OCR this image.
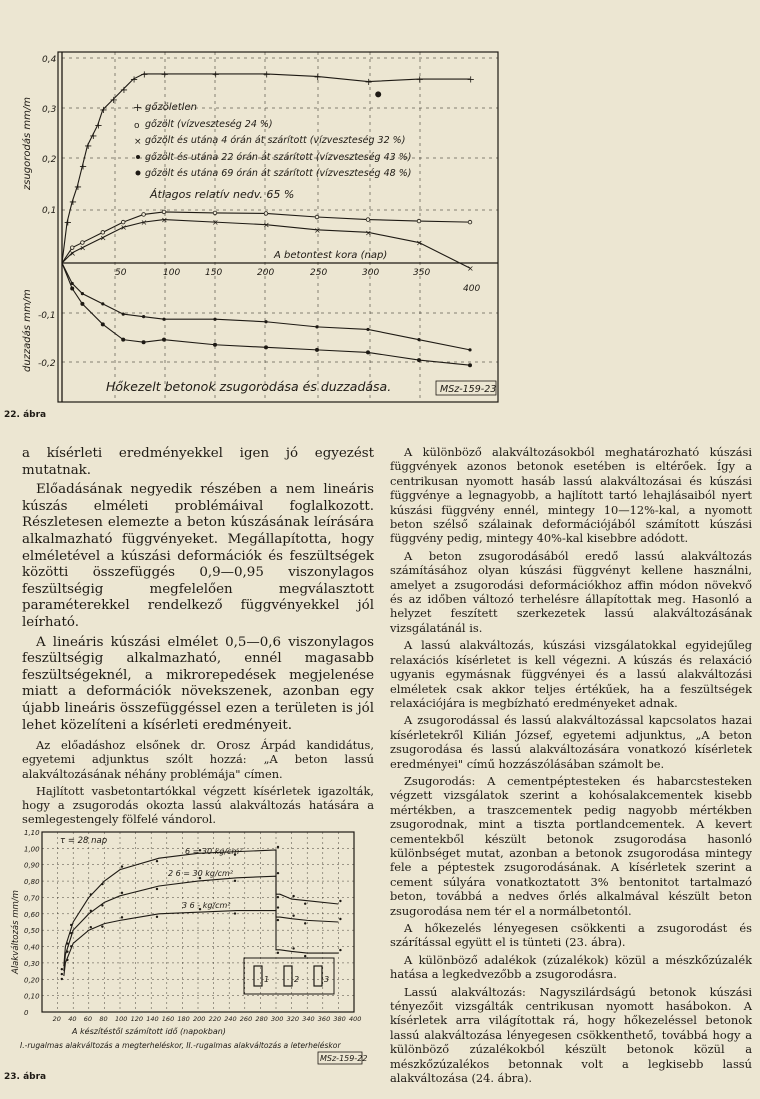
0,4
0,3
0,2
0,1
-0,1
-0,2
zsugorodás mm/m
duzzadás mm/m
50	100	150	200	250	300	350
400
A betontest kora (nap)
+
+
+
+
+
+
+
+
+
+
+ + +	+	+	+	+	+	+
×
×
×
×
× ×	×	×
×	×
×
×
+ gőzöletlen
o gőzölt (vízveszteség 24 %)
× gőzölt és utána 4 órán át szárított (vízveszteség 32 %)
gőzölt és utána 22 órán át szárított (vízveszteség 43 %)
gőzölt és utána 69 órán át szárított (vízveszteség 48 %)
Átlagos relatív nedv. 65 %
Hőkezelt betonok zsugorodása és duzzadása.	MSz-159-23
22. ábra

a kísérleti eredményekkel igen jó egyezést mutatnak.

Előadásának negyedik részében a nem lineáris kúszás elméleti problémáival foglalkozott. Részletesen elemezte a beton kúszásának leírására alkalmazható függvényeket. Megállapította, hogy elméletével a kúszási deformációk és feszültségek közötti összefüggés 0,9—0,95 viszonylagos feszültségig megfelelően megválasztott paraméterekkel rendelkező függvényekkel jól leírható.

A lineáris kúszási elmélet 0,5—0,6 viszonylagos feszültségig alkalmazható, ennél magasabb feszültségeknél, a mikrorepedések megjelenése miatt a deformációk növekszenek, azonban egy újabb lineáris összefüggéssel ezen a területen is jól lehet közelíteni a kísérleti eredményeit.

Az előadáshoz elsőnek dr. Orosz Árpád kandidátus, egyetemi adjunktus szólt hozzá: „A beton lassú alakváltozásának néhány problémája" címen.

Hajlított vasbetontartókkal végzett kísérletek igazolták, hogy a zsugorodás okozta lassú alakváltozás hatására a semlegestengely fölfelé vándorol.

0
0,10
0,20
0,30
0,40
0,50
0,60
0,70
0,80
0,90
1,00
1,10
20 40 60 80 100 120 140 160 180 200 220 240 260 280 300 320 340 360 380 400
Alakváltozás mm/m
A készítéstől számított idő (napokban)
τ = 28 nap
6 = 30 kg/cm²
2 6 = 30 kg/cm²
3 6 - kg/cm²
1	2	3
I.-rugalmas alakváltozás a megterheléskor, II.-rugalmas alakváltozás a leterheléskor
MSz-159-22
23. ábra

A különböző alakváltozásokból meghatározható kúszási függvények azonos betonok esetében is eltérőek. Így a centrikusan nyomott hasáb lassú alakváltozásai és kúszási függvénye a legnagyobb, a hajlított tartó lehajlásaiból nyert kúszási függvény ennél, mintegy 10—12%-kal, a nyomott beton szélső szálainak deformációjából számított kúszási függvény pedig, mintegy 40%-kal kisebbre adódott.

A beton zsugorodásából eredő lassú alakváltozás számításához olyan kúszási függvényt kellene használni, amelyet a zsugorodási deformációkhoz affin módon növekvő és az időben változó terhelésre állapítottak meg. Hasonló a helyzet feszített szerkezetek lassú alakváltozásának vizsgálatánál is.

A lassú alakváltozás, kúszási vizsgálatokkal egyidejűleg relaxációs kísérletet is kell végezni. A kúszás és relaxáció ugyanis egymásnak függvényei és a lassú alakváltozási elméletek csak akkor teljes értékűek, ha a feszültségek relaxációjára is megbízható eredményeket adnak.

A zsugorodással és lassú alakváltozással kapcsolatos hazai kísérletekről Kilián József, egyetemi adjunktus, „A beton zsugorodása és lassú alakváltozására vonatkozó kísérletek eredményei" című hozzászólásában számolt be.

Zsugorodás: A cementpéptesteken és habarcstesteken végzett vizsgálatok szerint a kohósalakcementek kisebb mértékben, a traszcementek pedig nagyobb mértékben zsugorodnak, mint a tiszta portlandcementek. A kevert cementekből készült betonok zsugorodása hasonló különbséget mutat, azonban a betonok zsugorodása mintegy fele a péptestek zsugorodásának. A kísérletek szerint a cement súlyára vonatkoztatott 3% bentonitot tartalmazó beton, továbbá a nedves őrlés alkalmával készült beton zsugorodása nem tér el a normálbetontól.

A hőkezelés lényegesen csökkenti a zsugorodást és szárítással együtt el is tünteti (23. ábra).

A különböző adalékok (zúzalékok) közül a mészkőzúzalék hatása a legkedvezőbb a zsugorodásra.

Lassú alakváltozás: Nagyszilárdságú betonok kúszási tényezőit vizsgálták centrikusan nyomott hasábokon. A kísérletek arra világítottak rá, hogy hőkezeléssel betonok lassú alakváltozása lényegesen csökkenthető, továbbá hogy a különböző zúzalékokból készült betonok közül a mészkőzúzalékos betonnak volt a legkisebb lassú alakváltozása (24. ábra).
